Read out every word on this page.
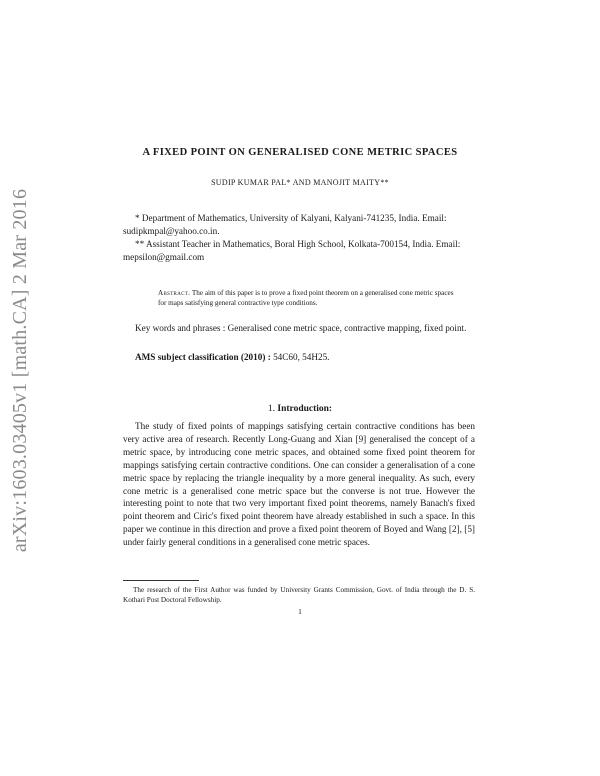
arXiv:1603.03405v1 [math.CA] 2 Mar 2016
A FIXED POINT ON GENERALISED CONE METRIC SPACES
SUDIP KUMAR PAL* AND MANOJIT MAITY**

* Department of Mathematics, University of Kalyani, Kalyani-741235, India. Email: sudipkmpal@yahoo.co.in.

** Assistant Teacher in Mathematics, Boral High School, Kolkata-700154, India. Email: mepsilon@gmail.com

Abstract. The aim of this paper is to prove a fixed point theorem on a generalised cone metric spaces for maps satisfying general contractive type conditions.
Key words and phrases : Generalised cone metric space, contractive mapping, fixed point.
AMS subject classification (2010) : 54C60, 54H25.
1. Introduction:
The study of fixed points of mappings satisfying certain contractive conditions has been very active area of research. Recently Long-Guang and Xian [9] generalised the concept of a metric space, by introducing cone metric spaces, and obtained some fixed point theorem for mappings satisfying certain contractive conditions. One can consider a generalisation of a cone metric space by replacing the triangle inequality by a more general inequality. As such, every cone metric is a generalised cone metric space but the converse is not true. However the interesting point to note that two very important fixed point theorems, namely Banach's fixed point theorem and Ciric's fixed point theorem have already established in such a space. In this paper we continue in this direction and prove a fixed point theorem of Boyed and Wang [2], [5] under fairly general conditions in a generalised cone metric spaces.
The research of the First Author was funded by University Grants Commission, Govt. of India through the D. S. Kothari Post Doctoral Fellowship.
1
